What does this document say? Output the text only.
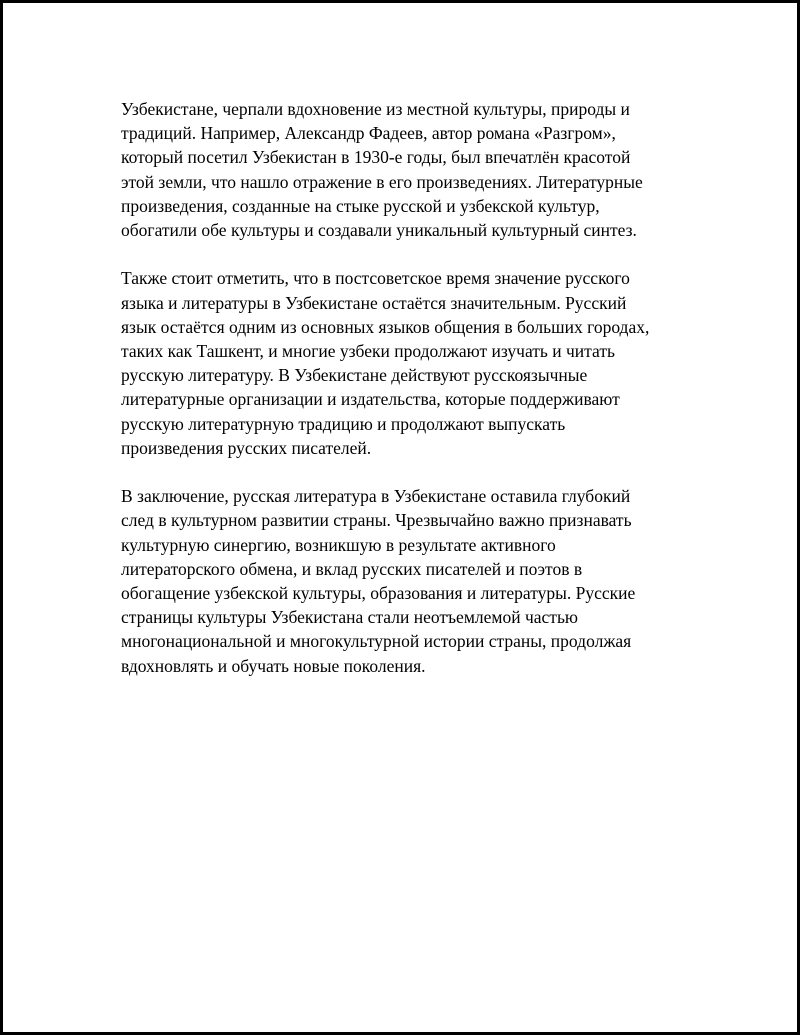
Узбекистане, черпали вдохновение из местной культуры, природы и
традиций. Например, Александр Фадеев, автор романа «Разгром»,
который посетил Узбекистан в 1930-е годы, был впечатлён красотой
этой земли, что нашло отражение в его произведениях. Литературные
произведения, созданные на стыке русской и узбекской культур,
обогатили обе культуры и создавали уникальный культурный синтез.

Также стоит отметить, что в постсоветское время значение русского
языка и литературы в Узбекистане остаётся значительным. Русский
язык остаётся одним из основных языков общения в больших городах,
таких как Ташкент, и многие узбеки продолжают изучать и читать
русскую литературу. В Узбекистане действуют русскоязычные
литературные организации и издательства, которые поддерживают
русскую литературную традицию и продолжают выпускать
произведения русских писателей.

В заключение, русская литература в Узбекистане оставила глубокий
след в культурном развитии страны. Чрезвычайно важно признавать
культурную синергию, возникшую в результате активного
литераторского обмена, и вклад русских писателей и поэтов в
обогащение узбекской культуры, образования и литературы. Русские
страницы культуры Узбекистана стали неотъемлемой частью
многонациональной и многокультурной истории страны, продолжая
вдохновлять и обучать новые поколения.
